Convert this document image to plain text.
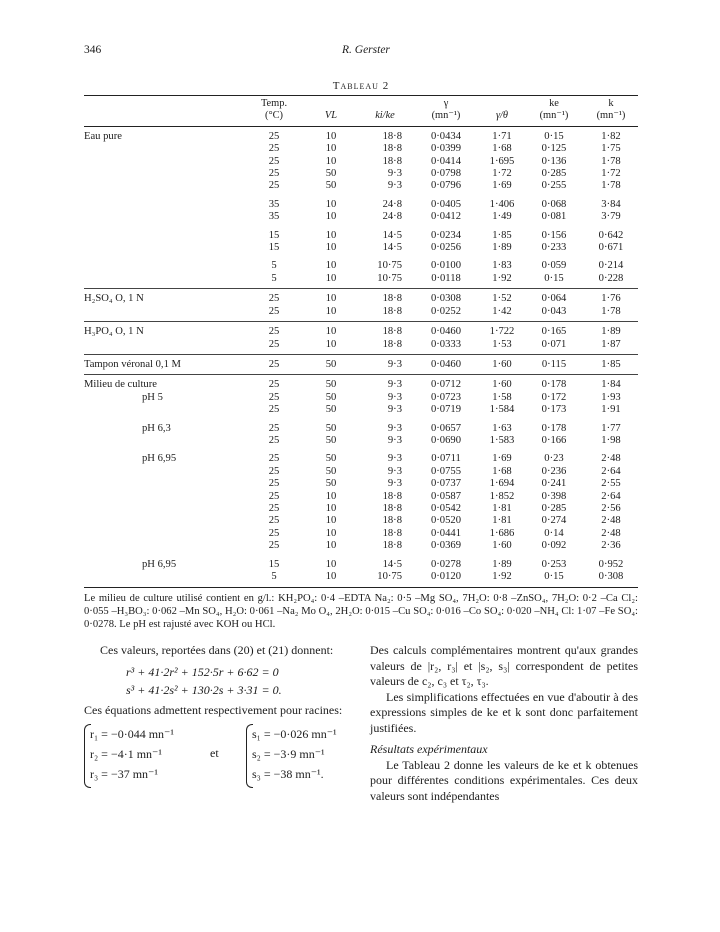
346	R. Gerster
Tableau 2
	Temp.			γ		ke	k
	(°C)	VL	ki/ke	(mn⁻¹)	γ/θ	(mn⁻¹)	(mn⁻¹)

Eau pure	25	10	18·8	0·0434	1·71	0·15	1·82
	25	10	18·8	0·0399	1·68	0·125	1·75
	25	10	18·8	0·0414	1·695	0·136	1·78
	25	50	9·3	0·0798	1·72	0·285	1·72
	25	50	9·3	0·0796	1·69	0·255	1·78

	35	10	24·8	0·0405	1·406	0·068	3·84
	35	10	24·8	0·0412	1·49	0·081	3·79

	15	10	14·5	0·0234	1·85	0·156	0·642
	15	10	14·5	0·0256	1·89	0·233	0·671

	5	10	10·75	0·0100	1·83	0·059	0·214
	5	10	10·75	0·0118	1·92	0·15	0·228

H₂SO₄ O, 1 N	25	10	18·8	0·0308	1·52	0·064	1·76
	25	10	18·8	0·0252	1·42	0·043	1·78

H₃PO₄ O, 1 N	25	10	18·8	0·0460	1·722	0·165	1·89
	25	10	18·8	0·0333	1·53	0·071	1·87

Tampon véronal 0,1 M	25	50	9·3	0·0460	1·60	0·115	1·85

Milieu de culture	25	50	9·3	0·0712	1·60	0·178	1·84
pH 5	25	50	9·3	0·0723	1·58	0·172	1·93
	25	50	9·3	0·0719	1·584	0·173	1·91

pH 6,3	25	50	9·3	0·0657	1·63	0·178	1·77
	25	50	9·3	0·0690	1·583	0·166	1·98

pH 6,95	25	50	9·3	0·0711	1·69	0·23	2·48
	25	50	9·3	0·0755	1·68	0·236	2·64
	25	50	9·3	0·0737	1·694	0·241	2·55
	25	10	18·8	0·0587	1·852	0·398	2·64
	25	10	18·8	0·0542	1·81	0·285	2·56
	25	10	18·8	0·0520	1·81	0·274	2·48
	25	10	18·8	0·0441	1·686	0·14	2·48
	25	10	18·8	0·0369	1·60	0·092	2·36

pH 6,95	15	10	14·5	0·0278	1·89	0·253	0·952
	5	10	10·75	0·0120	1·92	0·15	0·308

Le milieu de culture utilisé contient en g/l.: KH₂PO₄: 0·4 –EDTA Na₂: 0·5 –Mg SO₄, 7H₂O: 0·8 –ZnSO₄, 7H₂O: 0·2 –Ca Cl₂: 0·055 –H₃BO₃: 0·062 –Mn SO₄, H₂O: 0·061 –Na₂ Mo O₄, 2H₂O: 0·015 –Cu SO₄: 0·016 –Co SO₄: 0·020 –NH₄ Cl: 1·07 –Fe SO₄: 0·0278. Le pH est rajusté avec KOH ou HCl.

Ces valeurs, reportées dans (20) et (21) donnent:

r³ + 41·2r² + 152·5r + 6·62 = 0
s³ + 41·2s² + 130·2s + 3·31 = 0.

Ces équations admettent respectivement pour racines:

r₁ = −0·044 mn⁻¹
r₂ = −4·1 mn⁻¹
r₃ = −37 mn⁻¹
et
s₁ = −0·026 mn⁻¹
s₂ = −3·9 mn⁻¹
s₃ = −38 mn⁻¹.

Des calculs complémentaires montrent qu'aux grandes valeurs de |r₂, r₃| et |s₂, s₃| correspondent de petites valeurs de c₂, c₃ et τ₂, τ₃.

Les simplifications effectuées en vue d'aboutir à des expressions simples de ke et k sont donc parfaitement justifiées.

Résultats expérimentaux

Le Tableau 2 donne les valeurs de ke et k obtenues pour différentes conditions expérimentales. Ces deux valeurs sont indépendantes
